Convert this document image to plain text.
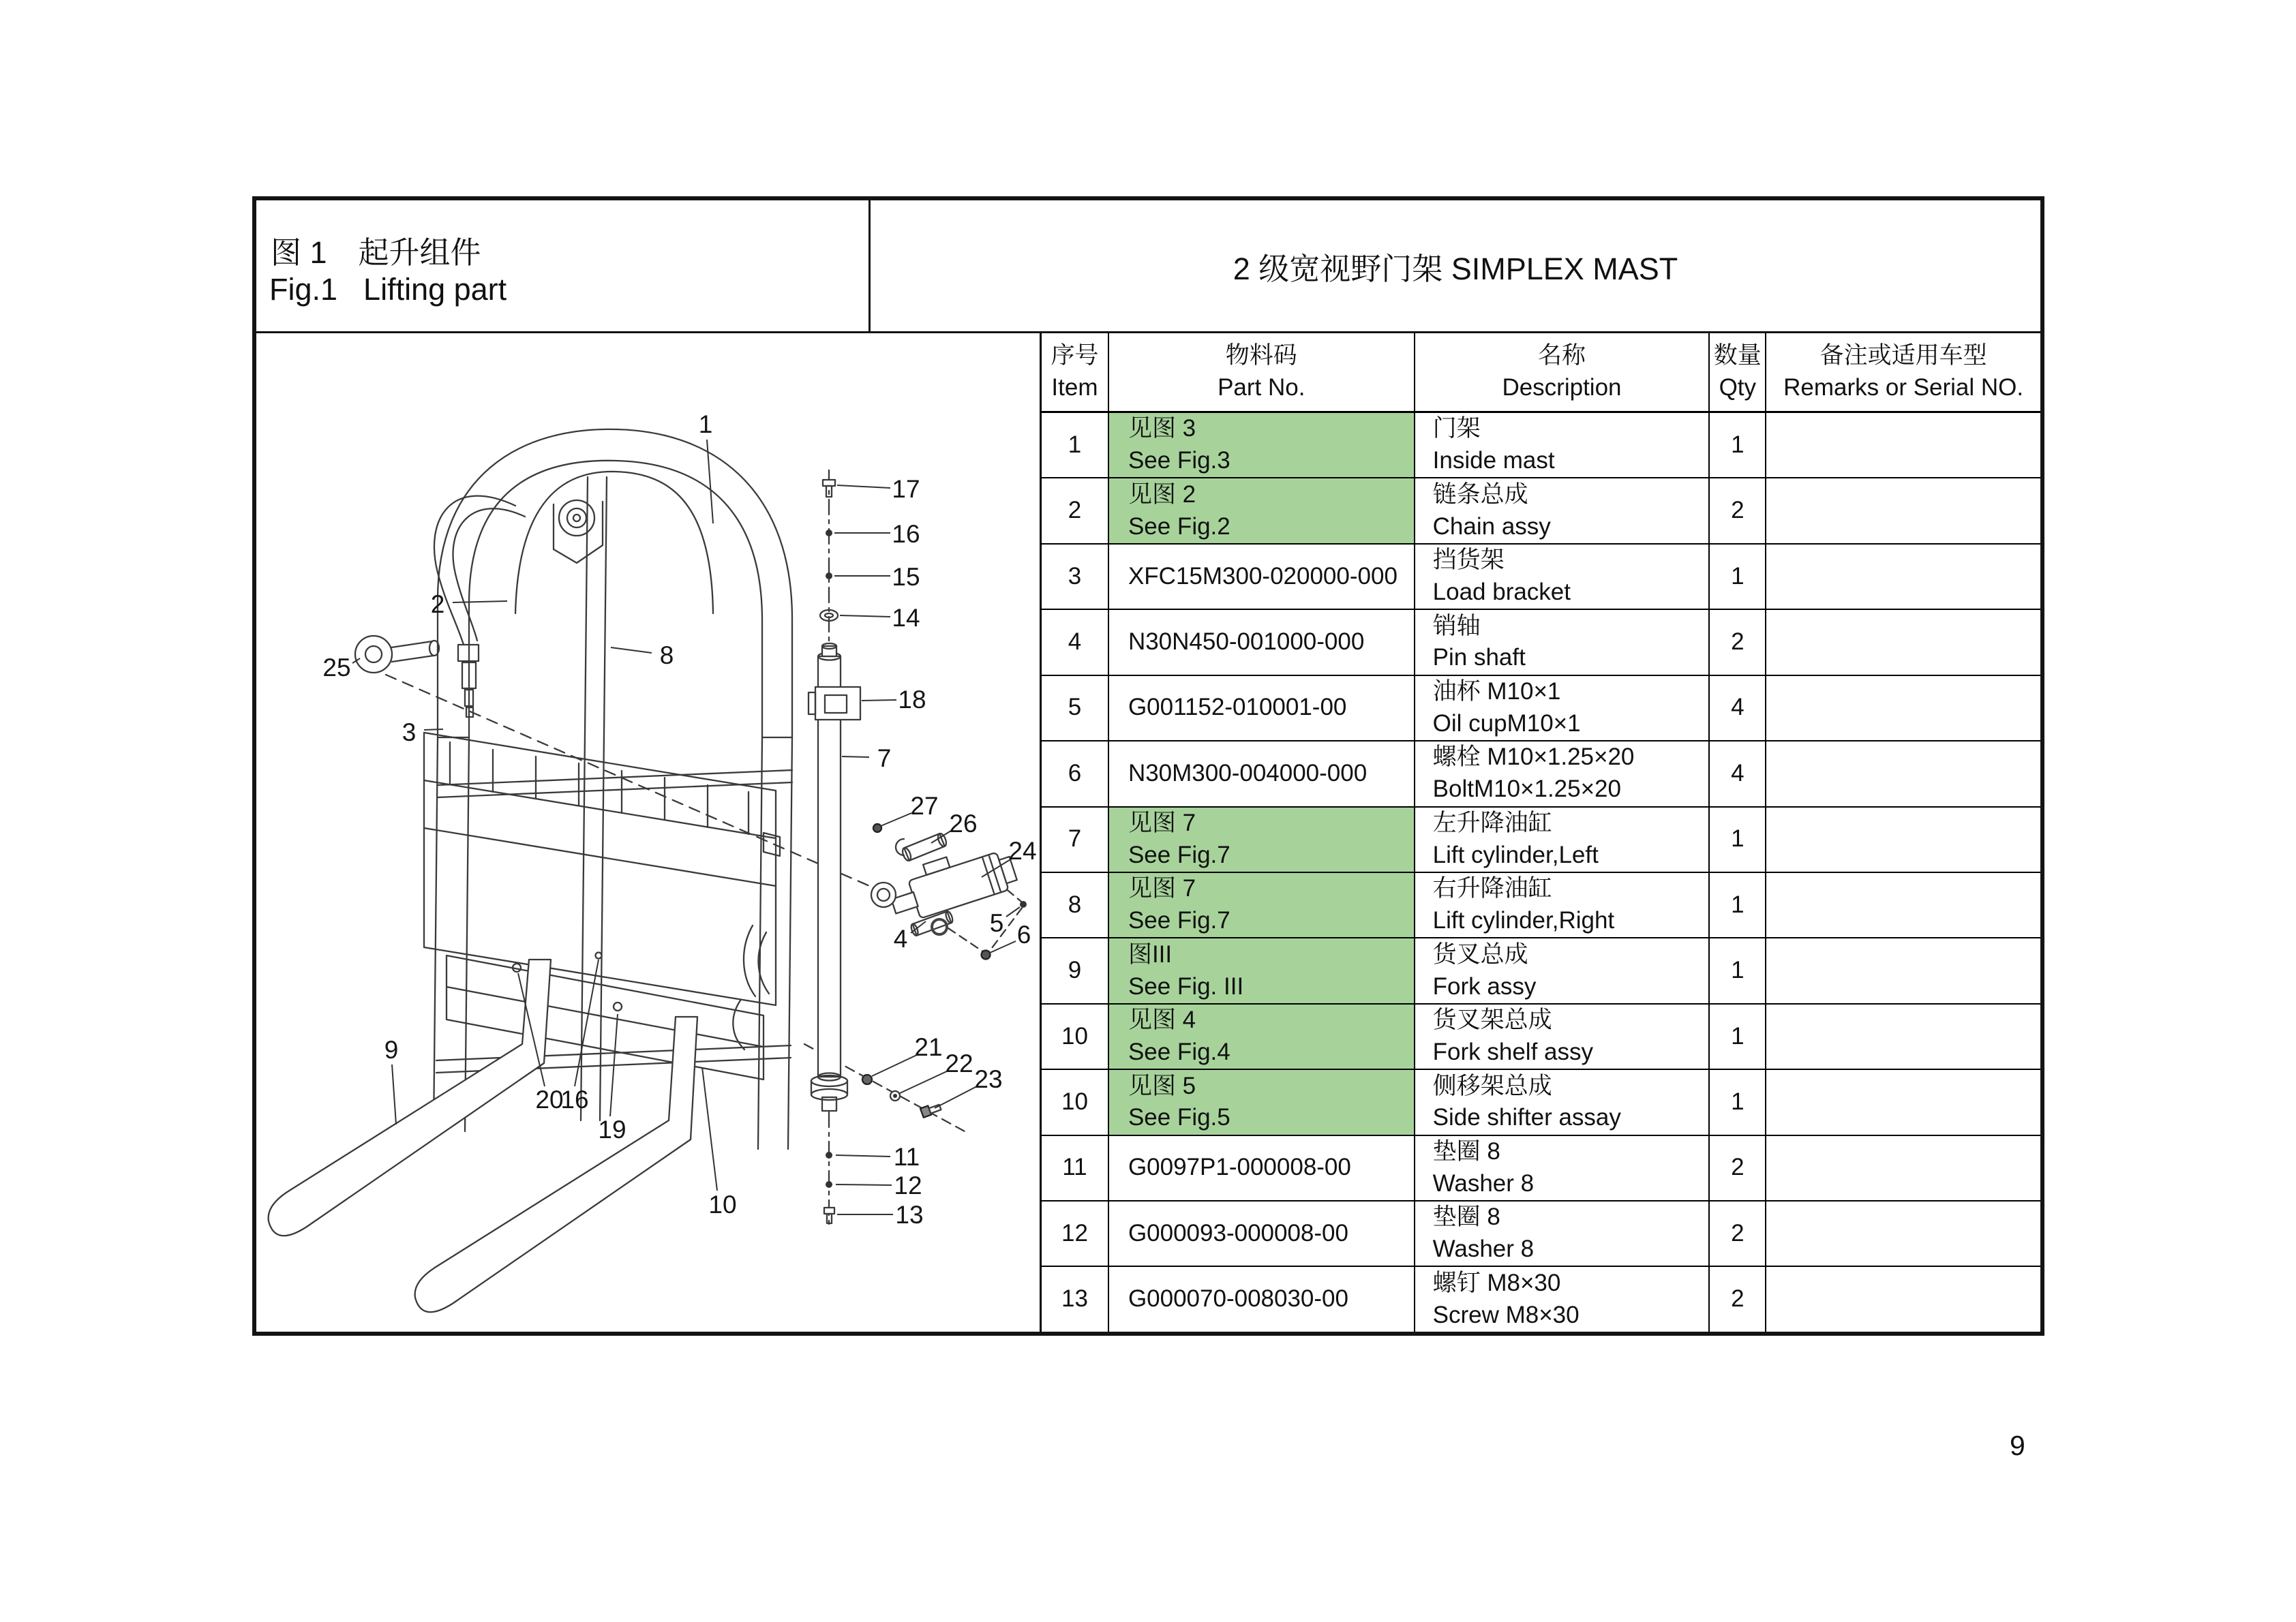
图 1 起升组件
Fig.1 Lifting part
2 级宽视野门架 SIMPLEX MAST
1
2
25	8
3
17
16
15
14
18
7
27
26
24
4
5 6
21
22
23
9
20
16
19
10
11
12
13
序号
Item
物料码
Part No.
名称
Description
数量
Qty
备注或适用车型
Remarks or Serial NO.
1
见图 3
See Fig.3
门架
Inside mast
1
2
见图 2
See Fig.2
链条总成
Chain assy
2
3 XFC15M300-020000-000
挡货架
Load bracket
1
4 N30N450-001000-000
销轴
Pin shaft
2
5 G001152-010001-00
油杯 M10×1
Oil cupM10×1
4
6 N30M300-004000-000
螺栓 M10×1.25×20
BoltM10×1.25×20
4
7
见图 7
See Fig.7
左升降油缸
Lift cylinder,Left
1
8
见图 7
See Fig.7
右升降油缸
Lift cylinder,Right
1
9
图III
See Fig. III
货叉总成
Fork assy
1
10
见图 4
See Fig.4
货叉架总成
Fork shelf assy
1
10
见图 5
See Fig.5
侧移架总成
Side shifter assay
1
11 G0097P1-000008-00
垫圈 8
Washer 8
2
12 G000093-000008-00
垫圈 8
Washer 8
2
13 G000070-008030-00
螺钉 M8×30
Screw M8×30
2
9
